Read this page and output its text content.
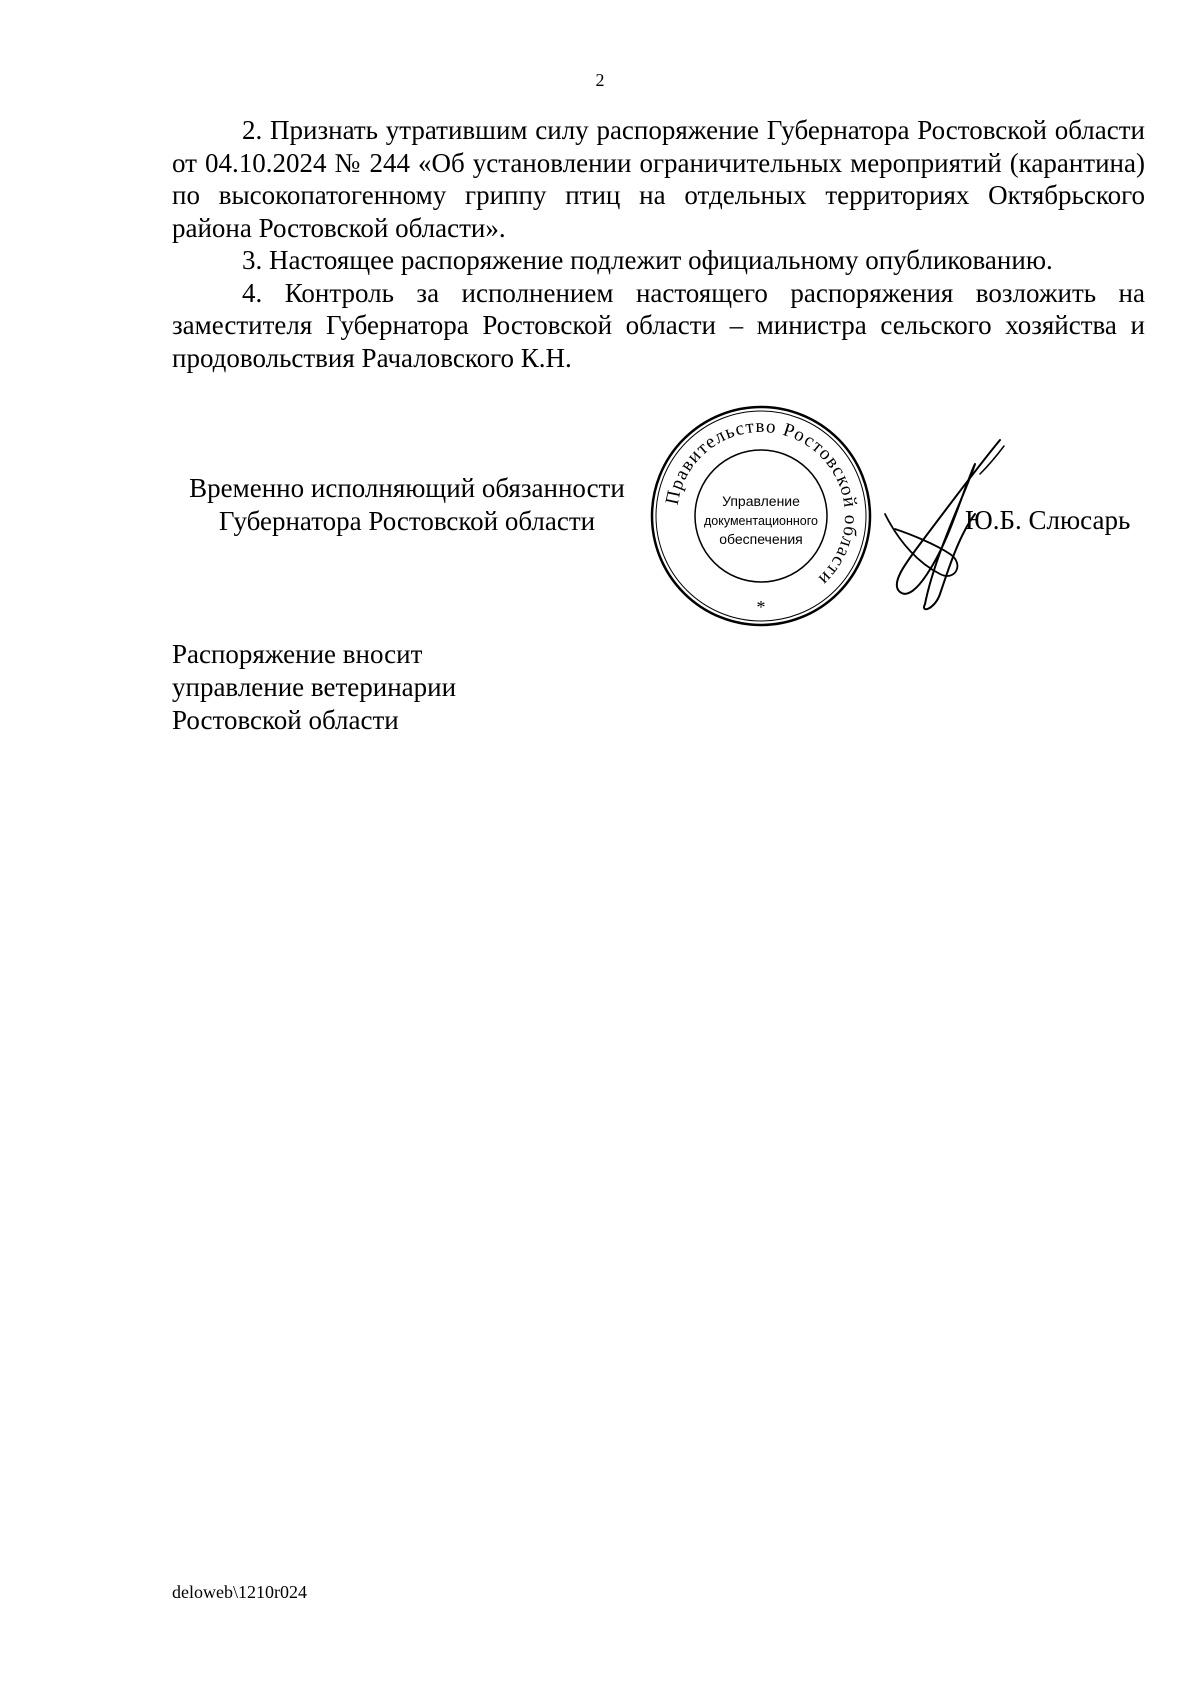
2

2. Признать утратившим силу распоряжение Губернатора Ростовской области от 04.10.2024 № 244 «Об установлении ограничительных мероприятий (карантина) по высокопатогенному гриппу птиц на отдельных территориях Октябрьского района Ростовской области».

3. Настоящее распоряжение подлежит официальному опубликованию.

4. Контроль за исполнением настоящего распоряжения возложить на заместителя Губернатора Ростовской области – министра сельского хозяйства и продовольствия Рачаловского К.Н.

Временно исполняющий обязанности
Губернатора Ростовской области
Правительство Ростовской области
Управление
документационного
обеспечения
*
Ю.Б. Слюсарь
Распоряжение вносит
управление ветеринарии
Ростовской области
deloweb\1210r024
